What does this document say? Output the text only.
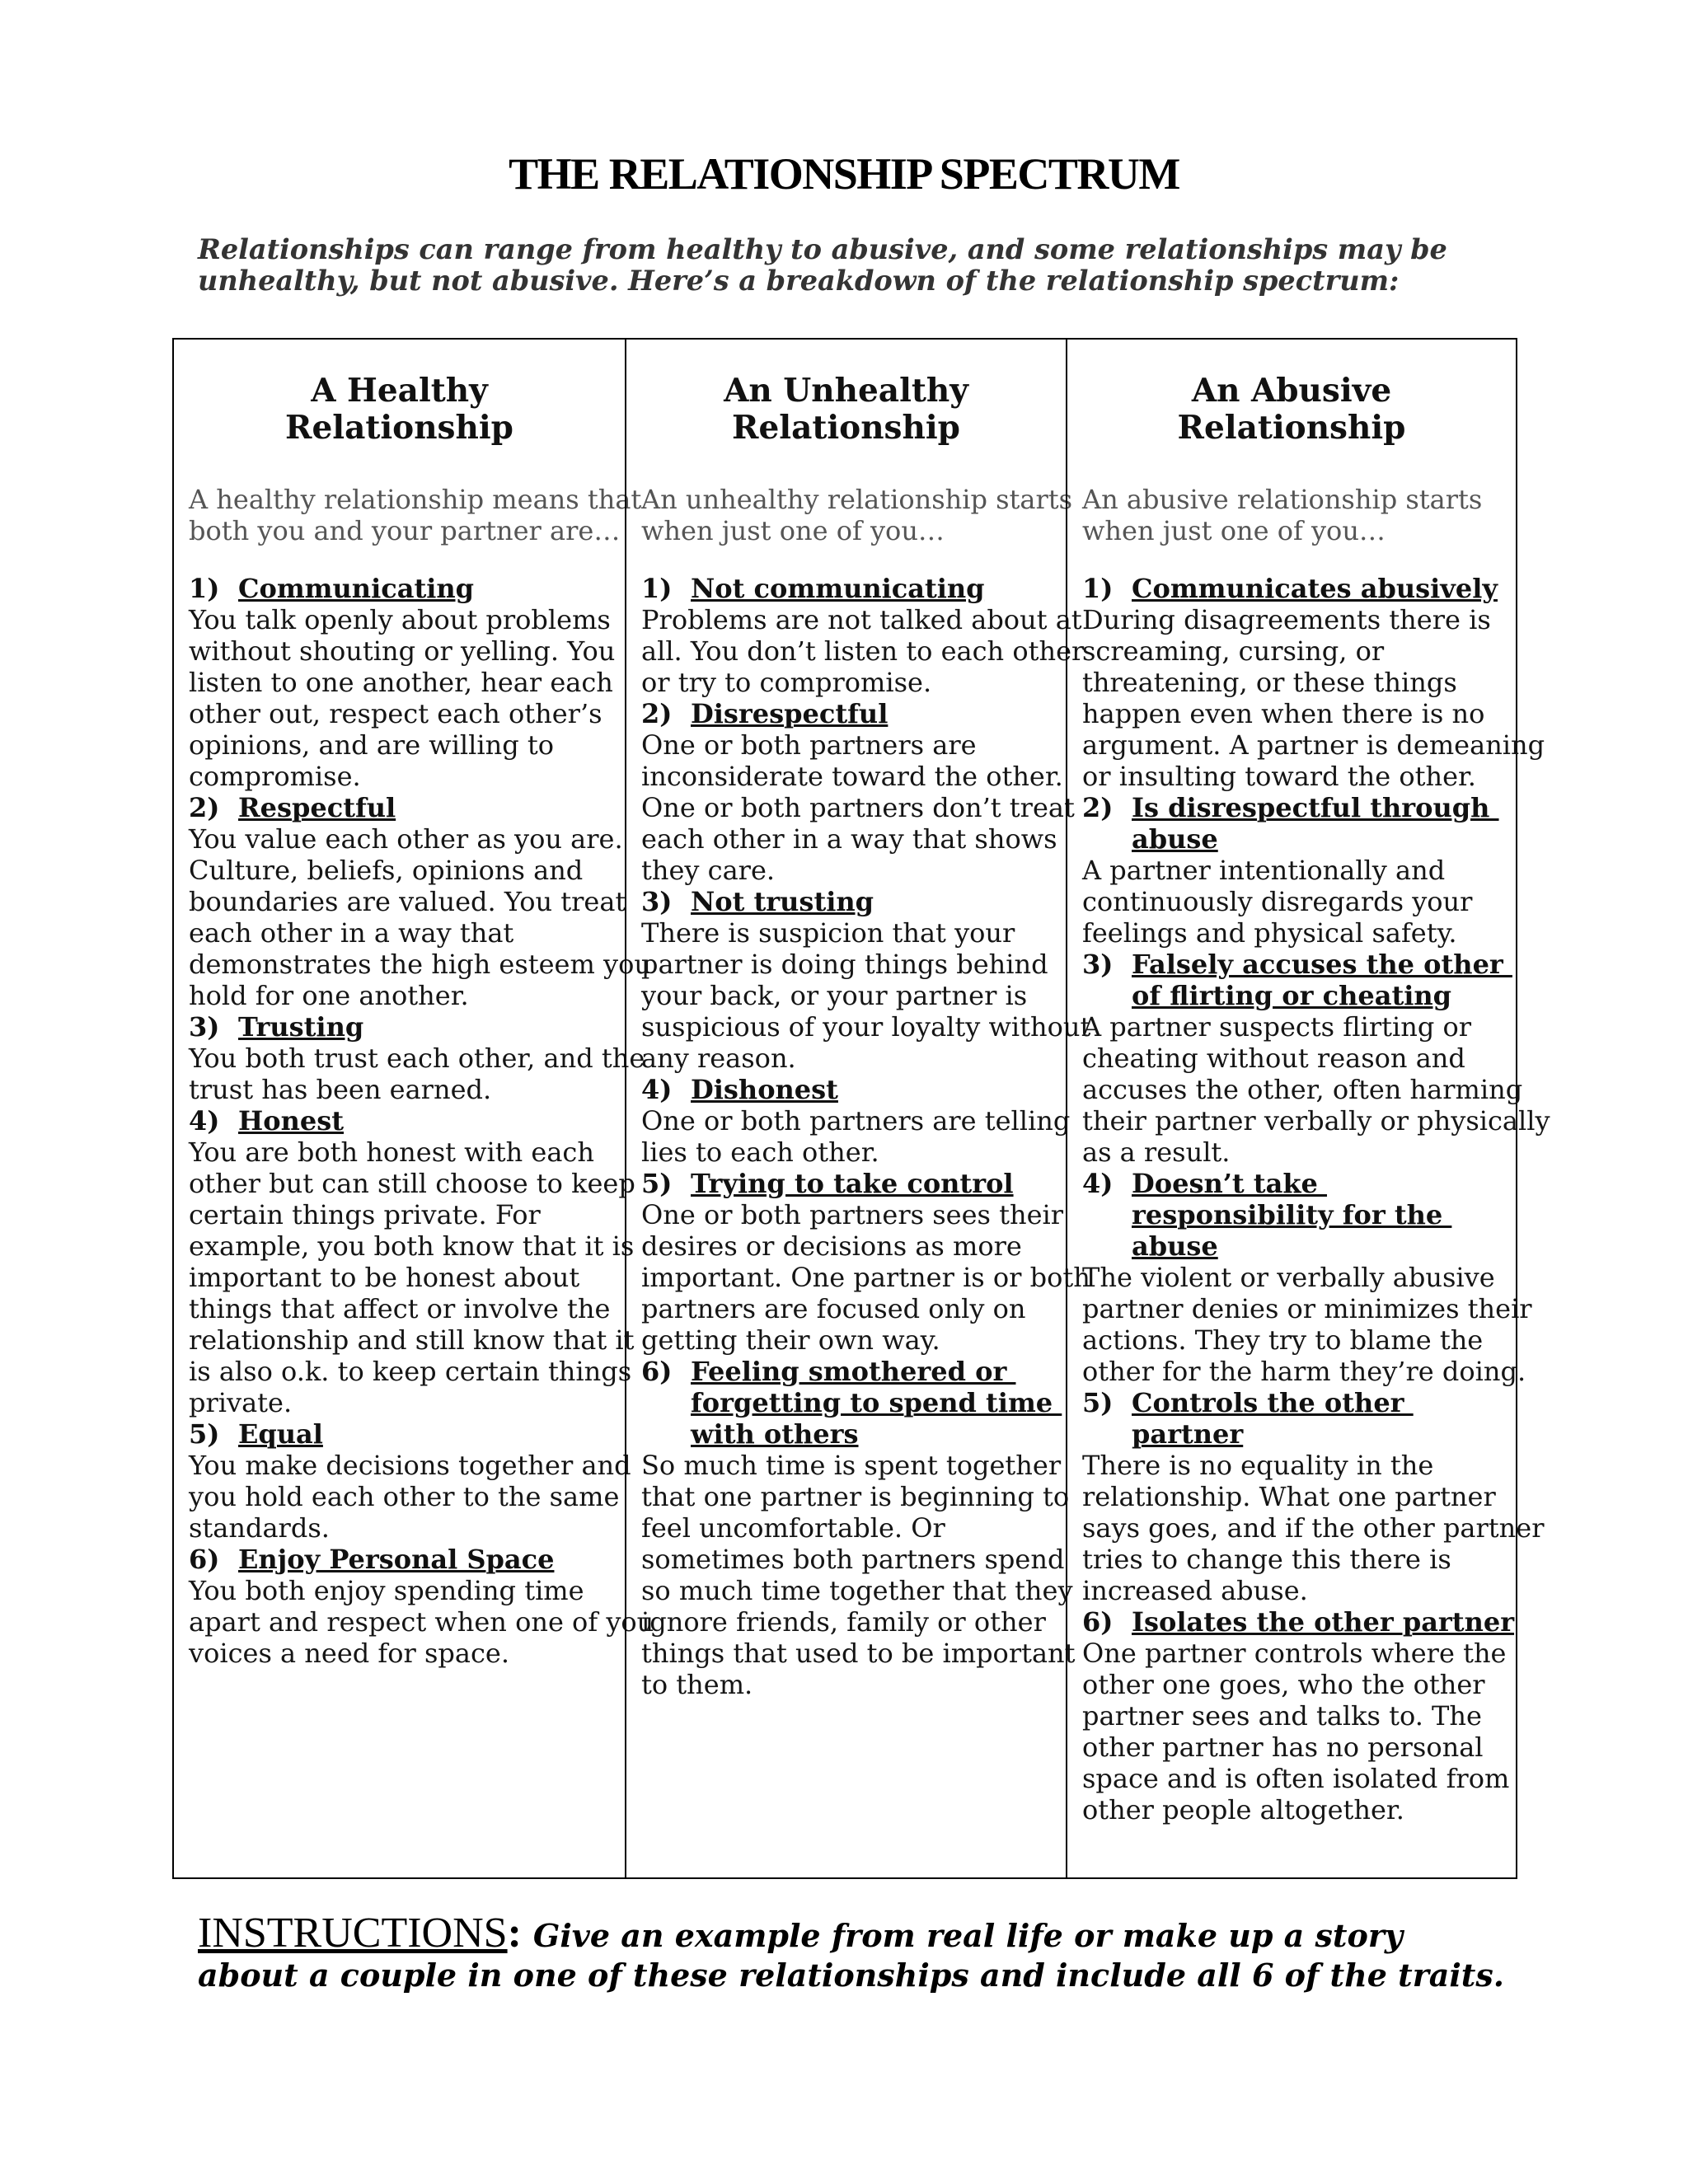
THE RELATIONSHIP SPECTRUM
Relationships can range from healthy to abusive, and some relationships may be
unhealthy, but not abusive. Here’s a breakdown of the relationship spectrum:
A Healthy
Relationship
A healthy relationship means that
both you and your partner are…
1) Communicating
You talk openly about problems
without shouting or yelling. You
listen to one another, hear each
other out, respect each other’s
opinions, and are willing to
compromise.
2) Respectful
You value each other as you are.
Culture, beliefs, opinions and
boundaries are valued. You treat
each other in a way that
demonstrates the high esteem you
hold for one another.
3) Trusting
You both trust each other, and the
trust has been earned.
4) Honest
You are both honest with each
other but can still choose to keep
certain things private. For
example, you both know that it is
important to be honest about
things that affect or involve the
relationship and still know that it
is also o.k. to keep certain things
private.
5) Equal
You make decisions together and
you hold each other to the same
standards.
6) Enjoy Personal Space
You both enjoy spending time
apart and respect when one of you
voices a need for space.
An Unhealthy
Relationship
An unhealthy relationship starts
when just one of you…
1) Not communicating
Problems are not talked about at
all. You don’t listen to each other
or try to compromise.
2) Disrespectful
One or both partners are
inconsiderate toward the other.
One or both partners don’t treat
each other in a way that shows
they care.
3) Not trusting
There is suspicion that your
partner is doing things behind
your back, or your partner is
suspicious of your loyalty without
any reason.
4) Dishonest
One or both partners are telling
lies to each other.
5) Trying to take control
One or both partners sees their
desires or decisions as more
important. One partner is or both
partners are focused only on
getting their own way.
6) Feeling smothered or
forgetting to spend time
with others
So much time is spent together
that one partner is beginning to
feel uncomfortable. Or
sometimes both partners spend
so much time together that they
ignore friends, family or other
things that used to be important
to them.
An Abusive
Relationship
An abusive relationship starts
when just one of you…
1) Communicates abusively
During disagreements there is
screaming, cursing, or
threatening, or these things
happen even when there is no
argument. A partner is demeaning
or insulting toward the other.
2) Is disrespectful through
abuse
A partner intentionally and
continuously disregards your
feelings and physical safety.
3) Falsely accuses the other
of flirting or cheating
A partner suspects flirting or
cheating without reason and
accuses the other, often harming
their partner verbally or physically
as a result.
4) Doesn’t take
responsibility for the
abuse
The violent or verbally abusive
partner denies or minimizes their
actions. They try to blame the
other for the harm they’re doing.
5) Controls the other
partner
There is no equality in the
relationship. What one partner
says goes, and if the other partner
tries to change this there is
increased abuse.
6) Isolates the other partner
One partner controls where the
other one goes, who the other
partner sees and talks to. The
other partner has no personal
space and is often isolated from
other people altogether.
INSTRUCTIONS: Give an example from real life or make up a story
about a couple in one of these relationships and include all 6 of the traits.
